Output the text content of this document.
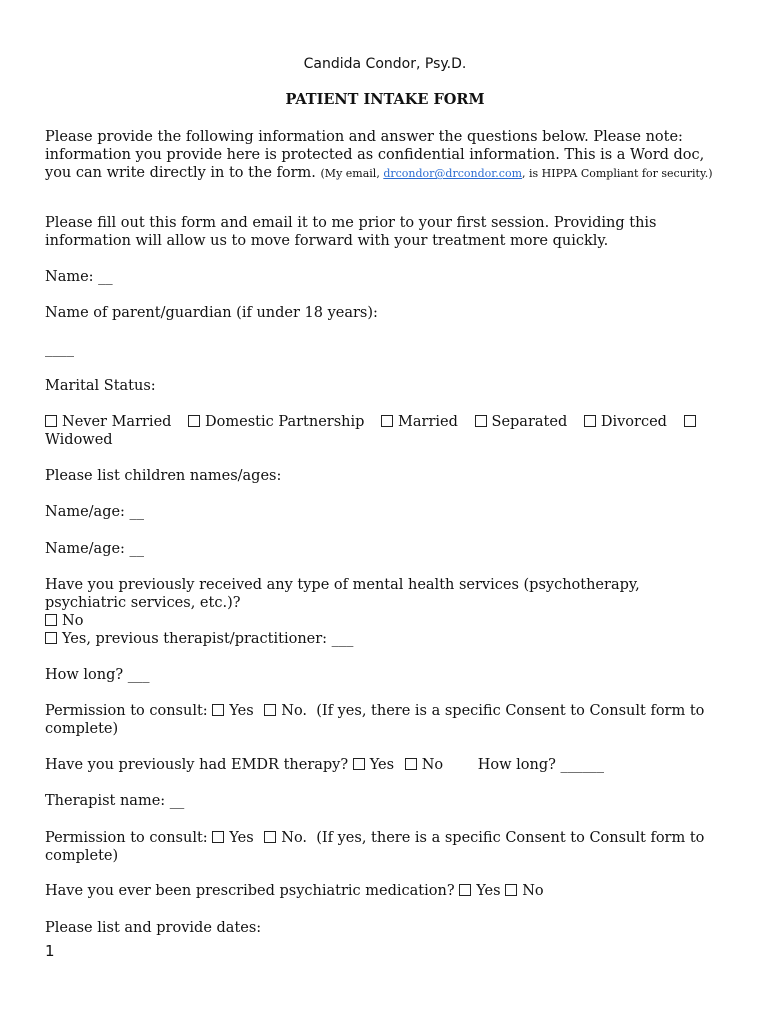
Candida Condor, Psy.D.
PATIENT INTAKE FORM
Please provide the following information and answer the questions below. Please note: information you provide here is protected as confidential information. This is a Word doc, you can write directly in to the form. (My email, drcondor@drcondor.com, is HIPPA Compliant for security.)
Please fill out this form and email it to me prior to your first session. Providing this information will allow us to move forward with your treatment more quickly.
Name: __
Name of parent/guardian (if under 18 years):
____
Marital Status:
Never Married Domestic Partnership Married Separated Divorced
Widowed
Please list children names/ages:
Name/age: __
Name/age: __
Have you previously received any type of mental health services (psychotherapy, psychiatric services, etc.)?
No
Yes, previous therapist/practitioner: ___
How long? ___
Permission to consult: Yes No. (If yes, there is a specific Consent to Consult form to complete)
Have you previously had EMDR therapy? Yes No How long? ______
Therapist name: __
Permission to consult: Yes No. (If yes, there is a specific Consent to Consult form to complete)
Have you ever been prescribed psychiatric medication? Yes No
Please list and provide dates:
1
